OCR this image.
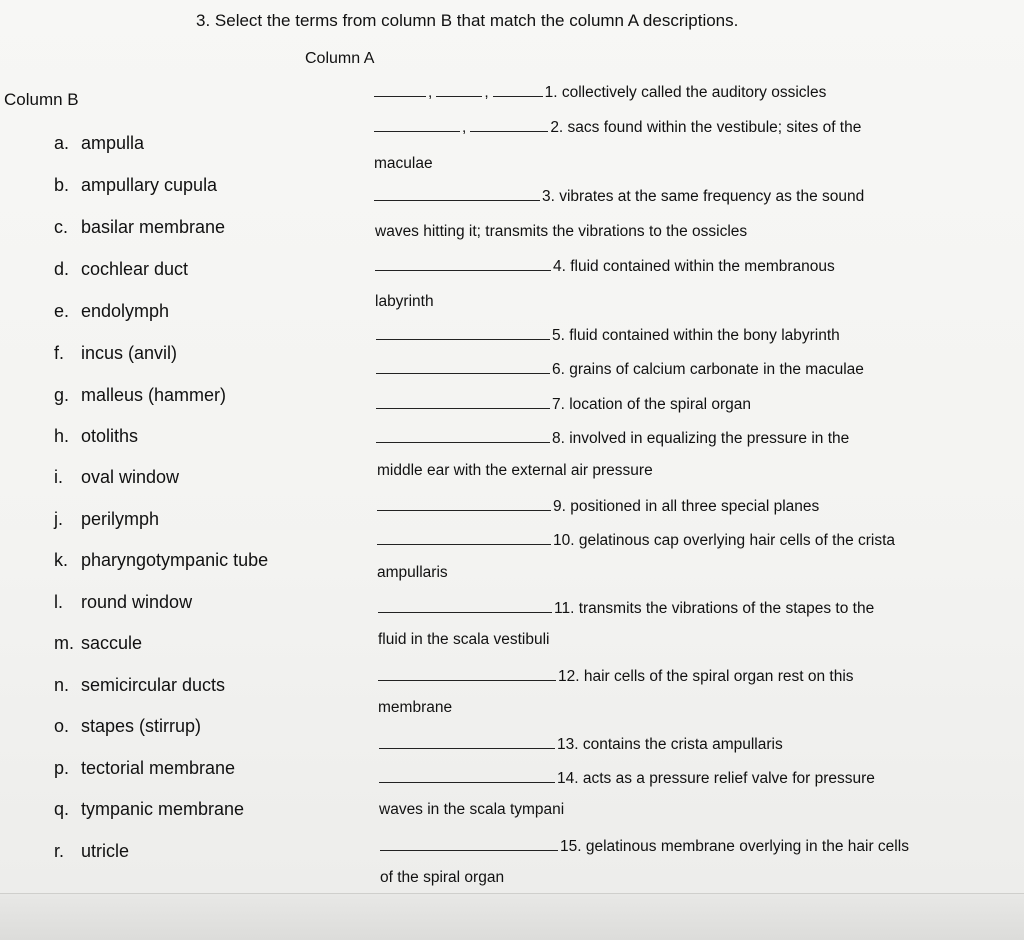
3. Select the terms from column B that match the column A descriptions.
Column A
Column B
a. ampulla
b. ampullary cupula
c. basilar membrane
d. cochlear duct
e. endolymph
f. incus (anvil)
g. malleus (hammer)
h. otoliths
i. oval window
j. perilymph
k. pharyngotympanic tube
l. round window
m. saccule
n. semicircular ducts
o. stapes (stirrup)
p. tectorial membrane
q. tympanic membrane
r. utricle
,	,	1. collectively called the auditory ossicles
,	2. sacs found within the vestibule; sites of the
maculae
3. vibrates at the same frequency as the sound
waves hitting it; transmits the vibrations to the ossicles
4. fluid contained within the membranous
labyrinth
5. fluid contained within the bony labyrinth
6. grains of calcium carbonate in the maculae
7. location of the spiral organ
8. involved in equalizing the pressure in the
middle ear with the external air pressure
9. positioned in all three special planes
10. gelatinous cap overlying hair cells of the crista
ampullaris
11. transmits the vibrations of the stapes to the
fluid in the scala vestibuli
12. hair cells of the spiral organ rest on this
membrane
13. contains the crista ampullaris
14. acts as a pressure relief valve for pressure
waves in the scala tympani
15. gelatinous membrane overlying in the hair cells
of the spiral organ
